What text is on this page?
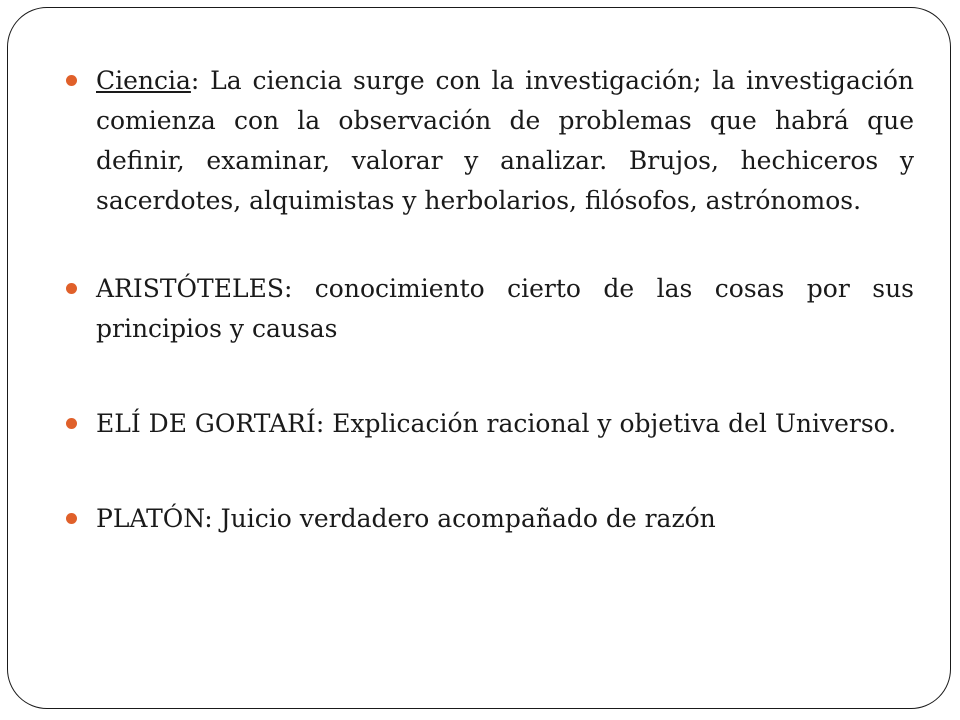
Ciencia: La ciencia surge con la investigación; la investigación comienza con la observación de problemas que habrá que definir, examinar, valorar y analizar. Brujos, hechiceros y sacerdotes, alquimistas y herbolarios, filósofos, astrónomos.
ARISTÓTELES: conocimiento cierto de las cosas por sus principios y causas
ELÍ DE GORTARÍ: Explicación racional y objetiva del Universo.
PLATÓN: Juicio verdadero acompañado de razón
